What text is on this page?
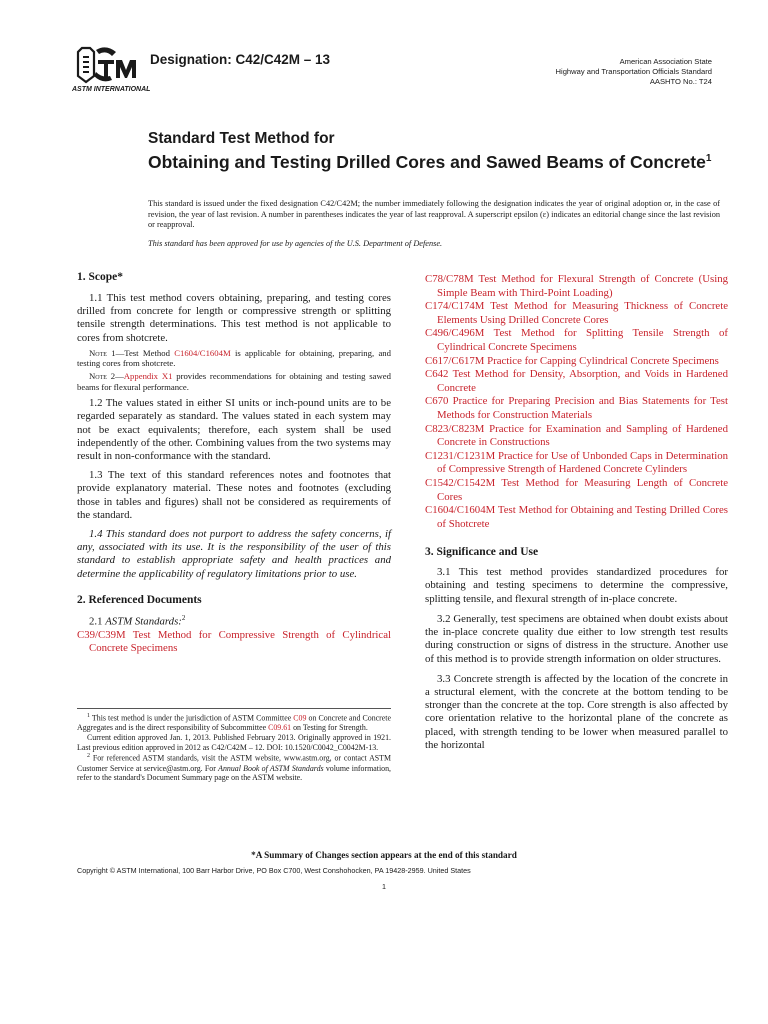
ASTM INTERNATIONAL
Designation: C42/C42M – 13	American Association State
Highway and Transportation Officials Standard
AASHTO No.: T24
Standard Test Method for
Obtaining and Testing Drilled Cores and Sawed Beams of Concrete$^1$
This standard is issued under the fixed designation C42/C42M; the number immediately following the designation indicates the year of original adoption or, in the case of revision, the year of last revision. A number in parentheses indicates the year of last reapproval. A superscript epsilon (ε) indicates an editorial change since the last revision or reapproval.
This standard has been approved for use by agencies of the U.S. Department of Defense.
1. Scope*

1.1 This test method covers obtaining, preparing, and testing cores drilled from concrete for length or compressive strength or splitting tensile strength determinations. This test method is not applicable to cores from shotcrete.

Note 1—Test Method C1604/C1604M is applicable for obtaining, preparing, and testing cores from shotcrete.

Note 2—Appendix X1 provides recommendations for obtaining and testing sawed beams for flexural performance.

1.2 The values stated in either SI units or inch-pound units are to be regarded separately as standard. The values stated in each system may not be exact equivalents; therefore, each system shall be used independently of the other. Combining values from the two systems may result in non-conformance with the standard.

1.3 The text of this standard references notes and footnotes that provide explanatory material. These notes and footnotes (excluding those in tables and figures) shall not be considered as requirements of the standard.

1.4 This standard does not purport to address the safety concerns, if any, associated with its use. It is the responsibility of the user of this standard to establish appropriate safety and health practices and determine the applicability of regulatory limitations prior to use.

2. Referenced Documents

2.1 ASTM Standards:$^2$

C39/C39M Test Method for Compressive Strength of Cylindrical Concrete Specimens

$^1$ This test method is under the jurisdiction of ASTM Committee C09 on Concrete and Concrete Aggregates and is the direct responsibility of Subcommittee C09.61 on Testing for Strength.

Current edition approved Jan. 1, 2013. Published February 2013. Originally approved in 1921. Last previous edition approved in 2012 as C42/C42M – 12. DOI: 10.1520/C0042_C0042M-13.

$^2$ For referenced ASTM standards, visit the ASTM website, www.astm.org, or contact ASTM Customer Service at service@astm.org. For Annual Book of ASTM Standards volume information, refer to the standard's Document Summary page on the ASTM website.

C78/C78M Test Method for Flexural Strength of Concrete (Using Simple Beam with Third-Point Loading)

C174/C174M Test Method for Measuring Thickness of Concrete Elements Using Drilled Concrete Cores

C496/C496M Test Method for Splitting Tensile Strength of Cylindrical Concrete Specimens

C617/C617M Practice for Capping Cylindrical Concrete Specimens

C642 Test Method for Density, Absorption, and Voids in Hardened Concrete

C670 Practice for Preparing Precision and Bias Statements for Test Methods for Construction Materials

C823/C823M Practice for Examination and Sampling of Hardened Concrete in Constructions

C1231/C1231M Practice for Use of Unbonded Caps in Determination of Compressive Strength of Hardened Concrete Cylinders

C1542/C1542M Test Method for Measuring Length of Concrete Cores

C1604/C1604M Test Method for Obtaining and Testing Drilled Cores of Shotcrete

3. Significance and Use

3.1 This test method provides standardized procedures for obtaining and testing specimens to determine the compressive, splitting tensile, and flexural strength of in-place concrete.

3.2 Generally, test specimens are obtained when doubt exists about the in-place concrete quality due either to low strength test results during construction or signs of distress in the structure. Another use of this method is to provide strength information on older structures.

3.3 Concrete strength is affected by the location of the concrete in a structural element, with the concrete at the bottom tending to be stronger than the concrete at the top. Core strength is also affected by core orientation relative to the horizontal plane of the concrete as placed, with strength tending to be lower when measured parallel to the horizontal

*A Summary of Changes section appears at the end of this standard
Copyright © ASTM International, 100 Barr Harbor Drive, PO Box C700, West Conshohocken, PA 19428-2959. United States
1
